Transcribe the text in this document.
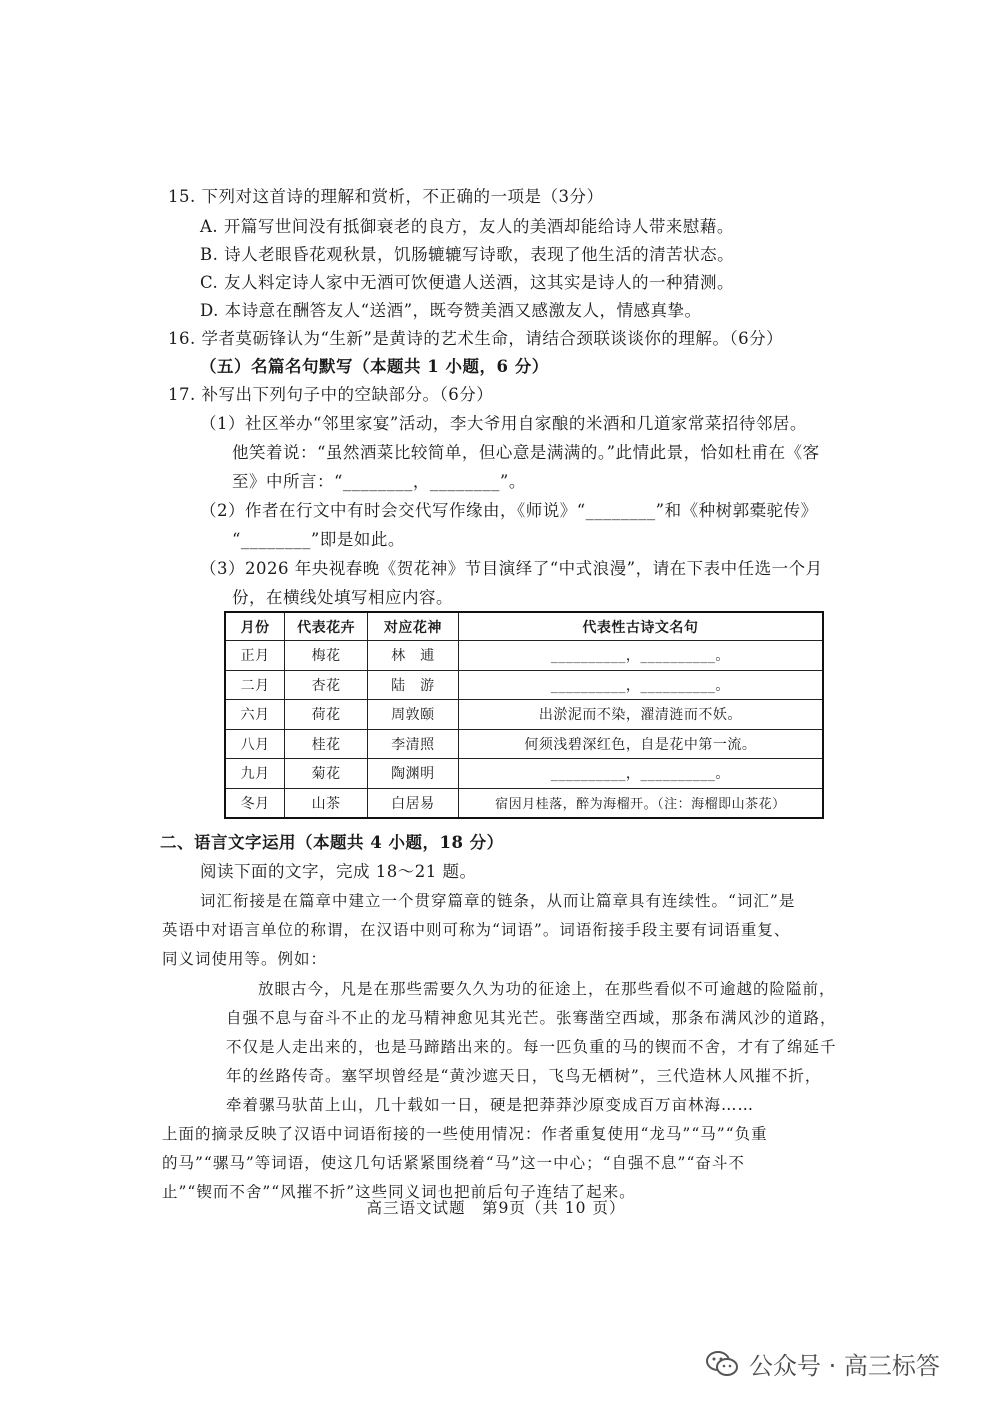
15. 下列对这首诗的理解和赏析，不正确的一项是（3分）
A. 开篇写世间没有抵御衰老的良方，友人的美酒却能给诗人带来慰藉。
B. 诗人老眼昏花观秋景，饥肠辘辘写诗歌，表现了他生活的清苦状态。
C. 友人料定诗人家中无酒可饮便遣人送酒，这其实是诗人的一种猜测。
D. 本诗意在酬答友人“送酒”，既夸赞美酒又感激友人，情感真挚。
16. 学者莫砺锋认为“生新”是黄诗的艺术生命，请结合颈联谈谈你的理解。（6分）
（五）名篇名句默写（本题共 1 小题，6 分）
17. 补写出下列句子中的空缺部分。（6分）
（1）社区举办“邻里家宴”活动，李大爷用自家酿的米酒和几道家常菜招待邻居。
他笑着说：“虽然酒菜比较简单，但心意是满满的。”此情此景，恰如杜甫在《客
至》中所言：“________，________”。
（2）作者在行文中有时会交代写作缘由，《师说》“________”和《种树郭橐驼传》
“________”即是如此。
（3）2026 年央视春晚《贺花神》节目演绎了“中式浪漫”，请在下表中任选一个月
份，在横线处填写相应内容。
月份	代表花卉	对应花神	代表性古诗文名句
正月	梅花	林　逋	__________，__________。
二月	杏花	陆　游	__________，__________。
六月	荷花	周敦颐	出淤泥而不染，濯清涟而不妖。
八月	桂花	李清照	何须浅碧深红色，自是花中第一流。
九月	菊花	陶渊明	__________，__________。
冬月	山茶	白居易	宿因月桂落，醉为海榴开。（注：海榴即山茶花）
二、语言文字运用（本题共 4 小题，18 分）
阅读下面的文字，完成 18～21 题。
词汇衔接是在篇章中建立一个贯穿篇章的链条，从而让篇章具有连续性。“词汇”是
英语中对语言单位的称谓，在汉语中则可称为“词语”。词语衔接手段主要有词语重复、
同义词使用等。例如：
放眼古今，凡是在那些需要久久为功的征途上，在那些看似不可逾越的险隘前，
自强不息与奋斗不止的龙马精神愈见其光芒。张骞凿空西域，那条布满风沙的道路，
不仅是人走出来的，也是马蹄踏出来的。每一匹负重的马的锲而不舍，才有了绵延千
年的丝路传奇。塞罕坝曾经是“黄沙遮天日，飞鸟无栖树”，三代造林人风摧不折，
牵着骡马驮苗上山，几十载如一日，硬是把莽莽沙原变成百万亩林海……
上面的摘录反映了汉语中词语衔接的一些使用情况：作者重复使用“龙马”“马”“负重
的马”“骡马”等词语，使这几句话紧紧围绕着“马”这一中心；“自强不息”“奋斗不
止”“锲而不舍”“风摧不折”这些同义词也把前后句子连结了起来。
高三语文试题　第9页（共 10 页）
公众号 · 高三标答
